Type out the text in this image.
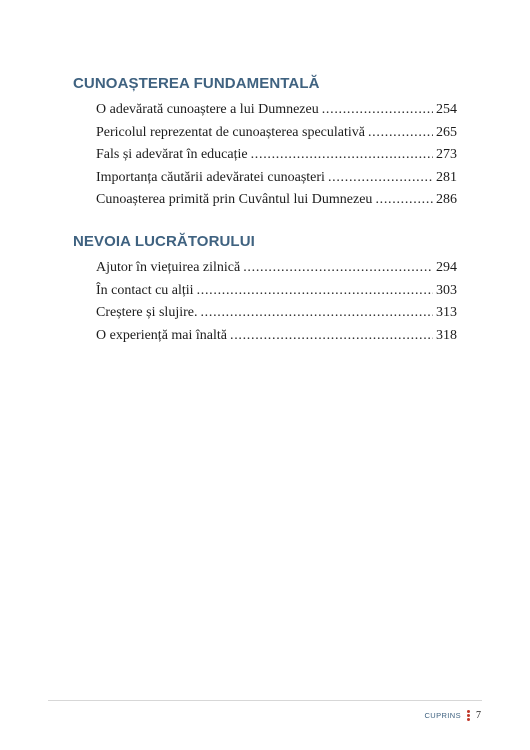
CUNOAȘTEREA FUNDAMENTALĂ
O adevărată cunoaștere a lui Dumnezeu . . .	254
Pericolul reprezentat de cunoașterea speculativă . . .	265
Fals și adevărat în educație . . .	273
Importanța căutării adevăratei cunoașteri . . .	281
Cunoașterea primită prin Cuvântul lui Dumnezeu . . .	286
NEVOIA LUCRĂTORULUI
Ajutor în viețuirea zilnică . . .	294
În contact cu alții . . .	303
Creștere și slujire. . . .	313
O experiență mai înaltă . . .	318
CUPRINS 7
